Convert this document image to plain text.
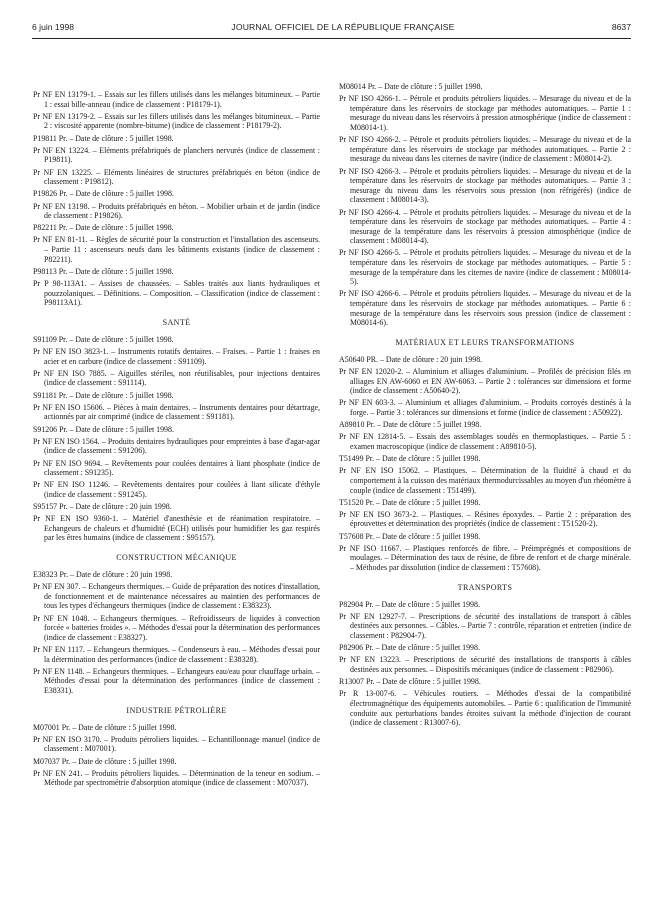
6 juin 1998	JOURNAL OFFICIEL DE LA RÉPUBLIQUE FRANÇAISE	8637
Pr NF EN 13179-1. – Essais sur les fillers utilisés dans les mélanges bitumineux. – Partie 1 : essai bille-anneau (indice de classement : P18179-1).
Pr NF EN 13179-2. – Essais sur les fillers utilisés dans les mélanges bitumineux. – Partie 2 : viscosité apparente (nombre-bitume) (indice de classement : P18179-2).
P19811 Pr. – Date de clôture : 5 juillet 1998.
Pr NF EN 13224. – Eléments préfabriqués de planchers nervurés (indice de classement : P19811).
Pr NF EN 13225. – Eléments linéaires de structures préfabriqués en béton (indice de classement : P19812).
P19826 Pr. – Date de clôture : 5 juillet 1998.
Pr NF EN 13198. – Produits préfabriqués en béton. – Mobilier urbain et de jardin (indice de classement : P19826).
P82211 Pr. – Date de clôture : 5 juillet 1998.
Pr NF EN 81-11. – Règles de sécurité pour la construction et l'installation des ascenseurs. – Partie 11 : ascenseurs neufs dans les bâtiments existants (indice de classement : P82211).
P98113 Pr. – Date de clôture : 5 juillet 1998.
Pr P 98-113A1. – Assises de chaussées. – Sables traités aux liants hydrauliques et pouzzolaniques. – Définitions. – Composition. – Classification (indice de classement : P98113A1).
SANTÉ
S91109 Pr. – Date de clôture : 5 juillet 1998.
Pr NF EN ISO 3823-1. – Instruments rotatifs dentaires. – Fraises. – Partie 1 : fraises en acier et en carbure (indice de classement : S91109).
Pr NF EN ISO 7885. – Aiguilles stériles, non réutilisables, pour injections dentaires (indice de classement : S91114).
S91181 Pr. – Date de clôture : 5 juillet 1998.
Pr NF EN ISO 15606. – Pièces à main dentaires. – Instruments dentaires pour détartrage, actionnés par air comprimé (indice de classement : S91181).
S91206 Pr. – Date de clôture : 5 juillet 1998.
Pr NF EN ISO 1564. – Produits dentaires hydrauliques pour empreintes à base d'agar-agar (indice de classement : S91206).
Pr NF EN ISO 9694. – Revêtements pour coulées dentaires à liant phosphate (indice de classement : S91235).
Pr NF EN ISO 11246. – Revêtements dentaires pour coulées à liant silicate d'éthyle (indice de classement : S91245).
S95157 Pr. – Date de clôture : 20 juin 1998.
Pr NF EN ISO 9360-1. – Matériel d'anesthésie et de réanimation respiratoire. – Echangeurs de chaleurs et d'humidité (ECH) utilisés pour humidifier les gaz respirés par les êtres humains (indice de classement : S95157).
CONSTRUCTION MÉCANIQUE
E38323 Pr. – Date de clôture : 20 juin 1998.
Pr NF EN 307. – Echangeurs thermiques. – Guide de préparation des notices d'installation, de fonctionnement et de maintenance nécessaires au maintien des performances de tous les types d'échangeurs thermiques (indice de classement : E38323).
Pr NF EN 1048. – Echangeurs thermiques. – Refroidisseurs de liquides à convection forcée « batteries froides ». – Méthodes d'essai pour la détermination des performances (indice de classement : E38327).
Pr NF EN 1117. – Echangeurs thermiques. – Condenseurs à eau. – Méthodes d'essai pour la détermination des performances (indice de classement : E38328).
Pr NF EN 1148. – Echangeurs thermiques. – Echangeurs eau/eau pour chauffage urbain. – Méthodes d'essai pour la détermination des performances (indice de classement : E38331).
INDUSTRIE PÉTROLIÈRE
M07001 Pr. – Date de clôture : 5 juillet 1998.
Pr NF EN ISO 3170. – Produits pétroliers liquides. – Echantillonnage manuel (indice de classement : M07001).
M07037 Pr. – Date de clôture : 5 juillet 1998.
Pr NF EN 241. – Produits pétroliers liquides. – Détermination de la teneur en sodium. – Méthode par spectrométrie d'absorption atomique (indice de classement : M07037).
M08014 Pr. – Date de clôture : 5 juillet 1998.
Pr NF ISO 4266-1. – Pétrole et produits pétroliers liquides. – Mesurage du niveau et de la température dans les réservoirs de stockage par méthodes automatiques. – Partie 1 : mesurage du niveau dans les réservoirs à pression atmosphérique (indice de classement : M08014-1).
Pr NF ISO 4266-2. – Pétrole et produits pétroliers liquides. – Mesurage du niveau et de la température dans les réservoirs de stockage par méthodes automatiques. – Partie 2 : mesurage du niveau dans les citernes de navire (indice de classement : M08014-2).
Pr NF ISO 4266-3. – Pétrole et produits pétroliers liquides. – Mesurage du niveau et de la température dans les réservoirs de stockage par méthodes automatiques. – Partie 3 : mesurage du niveau dans les réservoirs sous pression (non réfrigérés) (indice de classement : M08014-3).
Pr NF ISO 4266-4. – Pétrole et produits pétroliers liquides. – Mesurage du niveau et de la température dans les réservoirs de stockage par méthodes automatiques. – Partie 4 : mesurage de la température dans les réservoirs à pression atmosphérique (indice de classement : M08014-4).
Pr NF ISO 4266-5. – Pétrole et produits pétroliers liquides. – Mesurage du niveau et de la température dans les réservoirs de stockage par méthodes automatiques. – Partie 5 : mesurage de la température dans les citernes de navire (indice de classement : M08014-5).
Pr NF ISO 4266-6. – Pétrole et produits pétroliers liquides. – Mesurage du niveau et de la température dans les réservoirs de stockage par méthodes automatiques. – Partie 6 : mesurage de la température dans les réservoirs sous pression (indice de classement : M08014-6).
MATÉRIAUX ET LEURS TRANSFORMATIONS
A50640 PR. – Date de clôture : 20 juin 1998.
Pr NF EN 12020-2. – Aluminium et alliages d'aluminium. – Profilés de précision filés en alliages EN AW-6060 et EN AW-6063. – Partie 2 : tolérances sur dimensions et forme (indice de classement : A50640-2).
Pr NF EN 603-3. – Aluminium et alliages d'aluminium. – Produits corroyés destinés à la forge. – Partie 3 : tolérances sur dimensions et forme (indice de classement : A50922).
A89810 Pr. – Date de clôture : 5 juillet 1998.
Pr NF EN 12814-5. – Essais des assemblages soudés en thermoplastiques. – Partie 5 : examen macroscopique (indice de classement : A89810-5).
T51499 Pr. – Date de clôture : 5 juillet 1998.
Pr NF EN ISO 15062. – Plastiques. – Détermination de la fluidité à chaud et du comportement à la cuisson des matériaux thermodurcissables au moyen d'un rhéomètre à couple (indice de classement : T51499).
T51520 Pr. – Date de clôture : 5 juillet 1998.
Pr NF EN ISO 3673-2. – Plastiques. – Résines époxydes. – Partie 2 : préparation des éprouvettes et détermination des propriétés (indice de classement : T51520-2).
T57608 Pr. – Date de clôture : 5 juillet 1998.
Pr NF ISO 11667. – Plastiques renforcés de fibre. – Préimprégnés et compositions de moulages. – Détermination des taux de résine, de fibre de renfort et de charge minérale. – Méthodes par dissolution (indice de classement : T57608).
TRANSPORTS
P82904 Pr. – Date de clôture : 5 juillet 1998.
Pr NF EN 12927-7. – Prescriptions de sécurité des installations de transport à câbles destinées aux personnes. – Câbles. – Partie 7 : contrôle, réparation et entretien (indice de classement : P82904-7).
P82906 Pr. – Date de clôture : 5 juillet 1998.
Pr NF EN 13223. – Prescriptions de sécurité des installations de transports à câbles destinées aux personnes. – Dispositifs mécaniques (indice de classement : P82906).
R13007 Pr. – Date de clôture : 5 juillet 1998.
Pr R 13-007-6. – Véhicules routiers. – Méthodes d'essai de la compatibilité électromagnétique des équipements automobiles. – Partie 6 : qualification de l'immunité conduite aux perturbations bandes étroites suivant la méthode d'injection de courant (indice de classement : R13007-6).
